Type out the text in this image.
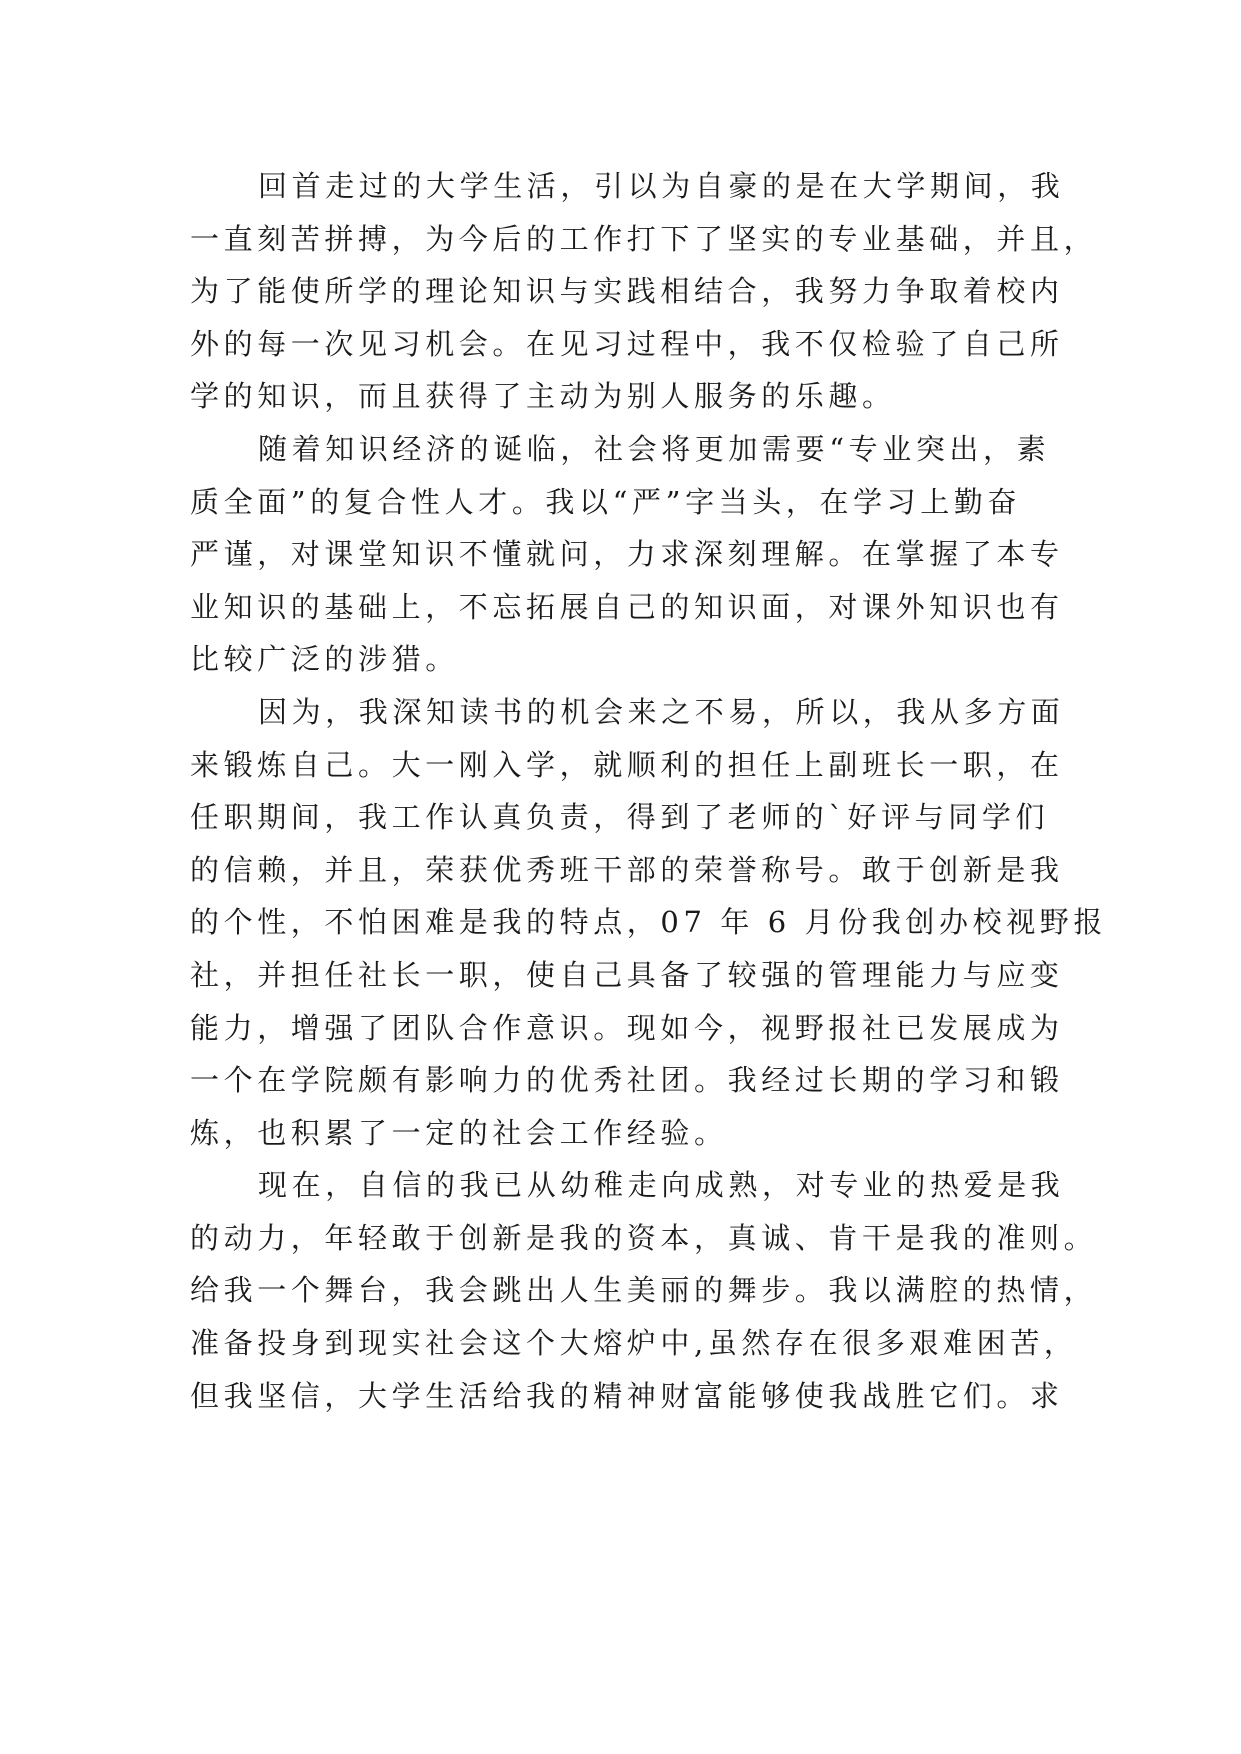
回首走过的大学生活，引以为自豪的是在大学期间，我
一直刻苦拼搏，为今后的工作打下了坚实的专业基础，并且，
为了能使所学的理论知识与实践相结合，我努力争取着校内
外的每一次见习机会。在见习过程中，我不仅检验了自己所
学的知识，而且获得了主动为别人服务的乐趣。
随着知识经济的诞临，社会将更加需要“专业突出，素
质全面”的复合性人才。我以“严”字当头，在学习上勤奋
严谨，对课堂知识不懂就问，力求深刻理解。在掌握了本专
业知识的基础上，不忘拓展自己的知识面，对课外知识也有
比较广泛的涉猎。
因为，我深知读书的机会来之不易，所以，我从多方面
来锻炼自己。大一刚入学，就顺利的担任上副班长一职，在
任职期间，我工作认真负责，得到了老师的`好评与同学们
的信赖，并且，荣获优秀班干部的荣誉称号。敢于创新是我
的个性，不怕困难是我的特点，07 年 6 月份我创办校视野报
社，并担任社长一职，使自己具备了较强的管理能力与应变
能力，增强了团队合作意识。现如今，视野报社已发展成为
一个在学院颇有影响力的优秀社团。我经过长期的学习和锻
炼，也积累了一定的社会工作经验。
现在，自信的我已从幼稚走向成熟，对专业的热爱是我
的动力，年轻敢于创新是我的资本，真诚、肯干是我的准则。
给我一个舞台，我会跳出人生美丽的舞步。我以满腔的热情，
准备投身到现实社会这个大熔炉中,虽然存在很多艰难困苦，
但我坚信，大学生活给我的精神财富能够使我战胜它们。求
